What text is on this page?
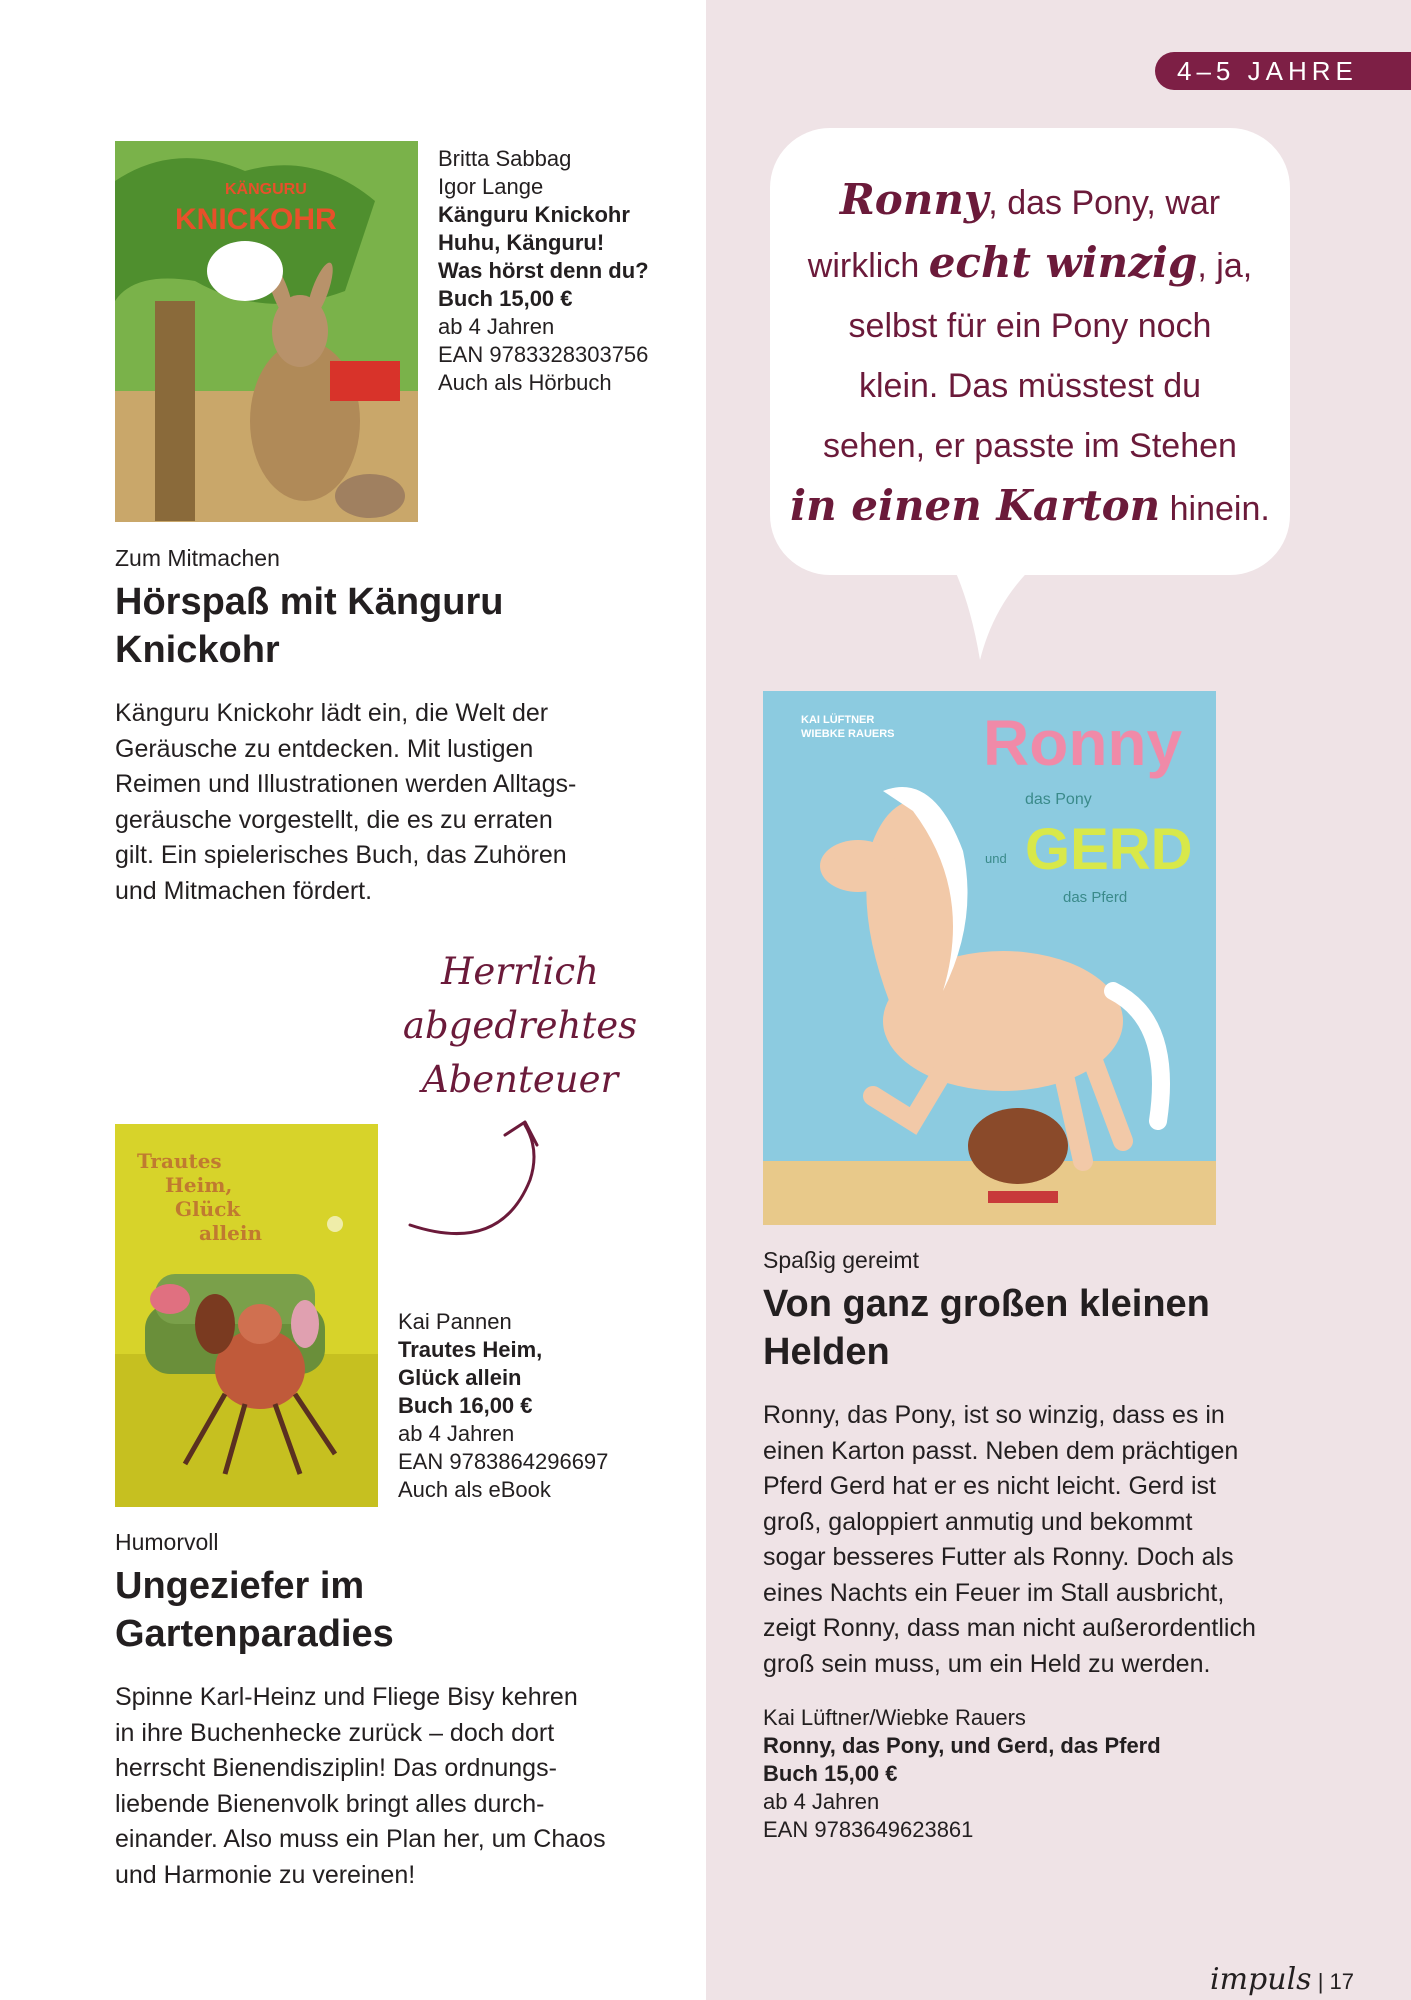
4–5 JAHRE
KÄNGURU
KNICKOHR
Britta Sabbag
Igor Lange
Känguru Knickohr
Huhu, Känguru!
Was hörst denn du?
Buch 15,00 €
ab 4 Jahren
EAN 9783328303756
Auch als Hörbuch
Zum Mitmachen
Hörspaß mit Känguru
Knickohr
Känguru Knickohr lädt ein, die Welt der
Geräusche zu entdecken. Mit lustigen
Reimen und Illustrationen werden Alltags-
geräusche vorgestellt, die es zu erraten
gilt. Ein spielerisches Buch, das Zuhören
und Mitmachen fördert.
Herrlich
abgedrehtes
Abenteuer
Trautes
Heim,
Glück
allein
Kai Pannen
Trautes Heim,
Glück allein
Buch 16,00 €
ab 4 Jahren
EAN 9783864296697
Auch als eBook
Humorvoll
Ungeziefer im
Gartenparadies
Spinne Karl-Heinz und Fliege Bisy kehren
in ihre Buchenhecke zurück – doch dort
herrscht Bienendisziplin! Das ordnungs-
liebende Bienenvolk bringt alles durch-
einander. Also muss ein Plan her, um Chaos
und Harmonie zu vereinen!
Ronny, das Pony, war
wirklich echt winzig, ja,
selbst für ein Pony noch
klein. Das müsstest du
sehen, er passte im Stehen
in einen Karton hinein.
KAI LÜFTNER
WIEBKE RAUERS Ronny
das Pony
und GERD
das Pferd
Spaßig gereimt
Von ganz großen kleinen
Helden
Ronny, das Pony, ist so winzig, dass es in
einen Karton passt. Neben dem prächtigen
Pferd Gerd hat er es nicht leicht. Gerd ist
groß, galoppiert anmutig und bekommt
sogar besseres Futter als Ronny. Doch als
eines Nachts ein Feuer im Stall ausbricht,
zeigt Ronny, dass man nicht außerordentlich
groß sein muss, um ein Held zu werden.
Kai Lüftner/Wiebke Rauers
Ronny, das Pony, und Gerd, das Pferd
Buch 15,00 €
ab 4 Jahren
EAN 9783649623861
impuls | 17
